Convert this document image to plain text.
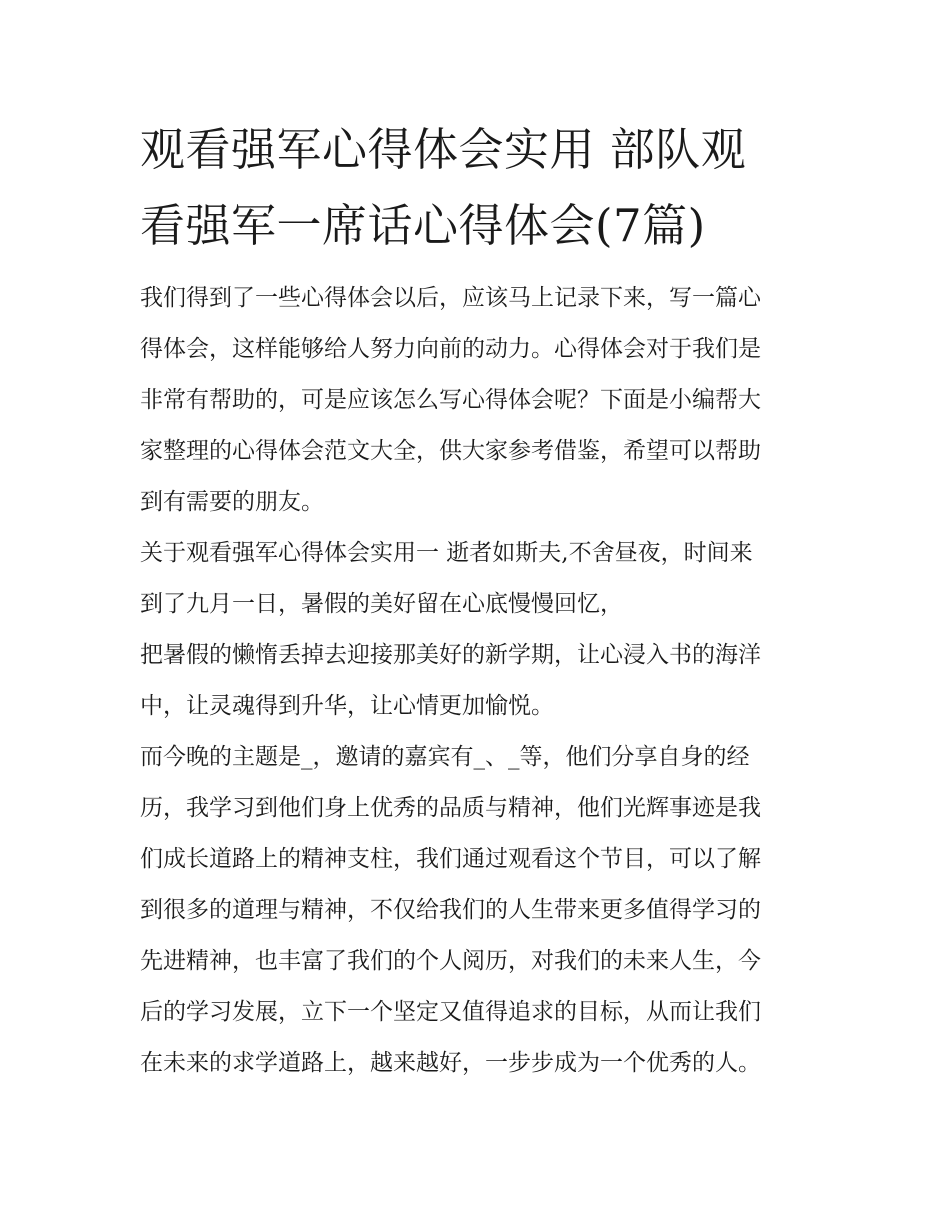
观看强军心得体会实用 部队观
看强军一席话心得体会(7篇)

我们得到了一些心得体会以后，应该马上记录下来，写一篇心
得体会，这样能够给人努力向前的动力。心得体会对于我们是
非常有帮助的，可是应该怎么写心得体会呢？下面是小编帮大
家整理的心得体会范文大全，供大家参考借鉴，希望可以帮助
到有需要的朋友。

关于观看强军心得体会实用一 逝者如斯夫,不舍昼夜，时间来
到了九月一日，暑假的美好留在心底慢慢回忆，

把暑假的懒惰丢掉去迎接那美好的新学期，让心浸入书的海洋
中，让灵魂得到升华，让心情更加愉悦。

而今晚的主题是_，邀请的嘉宾有_、_等，他们分享自身的经
历，我学习到他们身上优秀的品质与精神，他们光辉事迹是我
们成长道路上的精神支柱，我们通过观看这个节目，可以了解
到很多的道理与精神，不仅给我们的人生带来更多值得学习的
先进精神，也丰富了我们的个人阅历，对我们的未来人生，今
后的学习发展，立下一个坚定又值得追求的目标，从而让我们
在未来的求学道路上，越来越好，一步步成为一个优秀的人。
